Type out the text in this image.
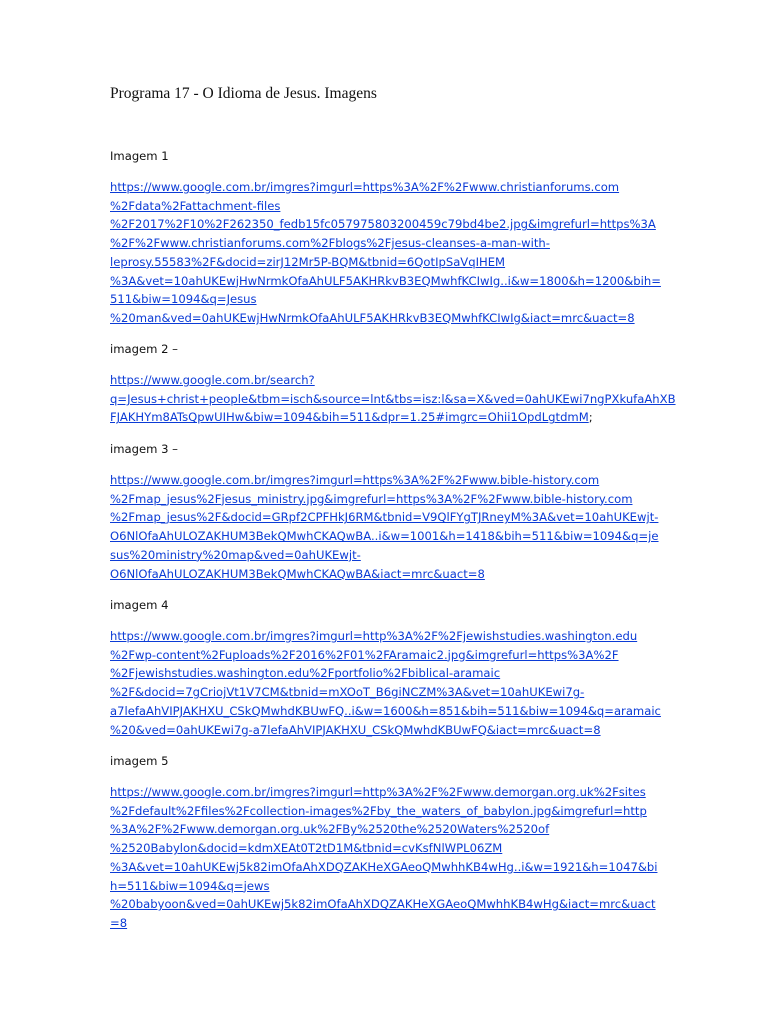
Programa 17 - O Idioma de Jesus. Imagens
Imagem 1
https://www.google.com.br/imgres?imgurl=https%3A%2F%2Fwww.christianforums.com
%2Fdata%2Fattachment-files
%2F2017%2F10%2F262350_fedb15fc057975803200459c79bd4be2.jpg&imgrefurl=https%3A
%2F%2Fwww.christianforums.com%2Fblogs%2Fjesus-cleanses-a-man-with-
leprosy.55583%2F&docid=zirJ12Mr5P-BQM&tbnid=6QotIpSaVqIHEM
%3A&vet=10ahUKEwjHwNrmkOfaAhULF5AKHRkvB3EQMwhfKCIwIg..i&w=1800&h=1200&bih=
511&biw=1094&q=Jesus
%20man&ved=0ahUKEwjHwNrmkOfaAhULF5AKHRkvB3EQMwhfKCIwIg&iact=mrc&uact=8
imagem 2 –
https://www.google.com.br/search?
q=Jesus+christ+people&tbm=isch&source=lnt&tbs=isz:l&sa=X&ved=0ahUKEwi7ngPXkufaAhXB
FJAKHYm8ATsQpwUIHw&biw=1094&bih=511&dpr=1.25#imgrc=Ohii1OpdLgtdmM;
imagem 3 –
https://www.google.com.br/imgres?imgurl=https%3A%2F%2Fwww.bible-history.com
%2Fmap_jesus%2Fjesus_ministry.jpg&imgrefurl=https%3A%2F%2Fwww.bible-history.com
%2Fmap_jesus%2F&docid=GRpf2CPFHkJ6RM&tbnid=V9QlFYgTJRneyM%3A&vet=10ahUKEwjt-
O6NlOfaAhULOZAKHUM3BekQMwhCKAQwBA..i&w=1001&h=1418&bih=511&biw=1094&q=je
sus%20ministry%20map&ved=0ahUKEwjt-
O6NlOfaAhULOZAKHUM3BekQMwhCKAQwBA&iact=mrc&uact=8
imagem 4
https://www.google.com.br/imgres?imgurl=http%3A%2F%2Fjewishstudies.washington.edu
%2Fwp-content%2Fuploads%2F2016%2F01%2FAramaic2.jpg&imgrefurl=https%3A%2F
%2Fjewishstudies.washington.edu%2Fportfolio%2Fbiblical-aramaic
%2F&docid=7gCriojVt1V7CM&tbnid=mXOoT_B6giNCZM%3A&vet=10ahUKEwi7g-
a7lefaAhVIPJAKHXU_CSkQMwhdKBUwFQ..i&w=1600&h=851&bih=511&biw=1094&q=aramaic
%20&ved=0ahUKEwi7g-a7lefaAhVIPJAKHXU_CSkQMwhdKBUwFQ&iact=mrc&uact=8
imagem 5
https://www.google.com.br/imgres?imgurl=http%3A%2F%2Fwww.demorgan.org.uk%2Fsites
%2Fdefault%2Ffiles%2Fcollection-images%2Fby_the_waters_of_babylon.jpg&imgrefurl=http
%3A%2F%2Fwww.demorgan.org.uk%2FBy%2520the%2520Waters%2520of
%2520Babylon&docid=kdmXEAt0T2tD1M&tbnid=cvKsfNlWPL06ZM
%3A&vet=10ahUKEwj5k82imOfaAhXDQZAKHeXGAeoQMwhhKB4wHg..i&w=1921&h=1047&bi
h=511&biw=1094&q=jews
%20babyoon&ved=0ahUKEwj5k82imOfaAhXDQZAKHeXGAeoQMwhhKB4wHg&iact=mrc&uact
=8
